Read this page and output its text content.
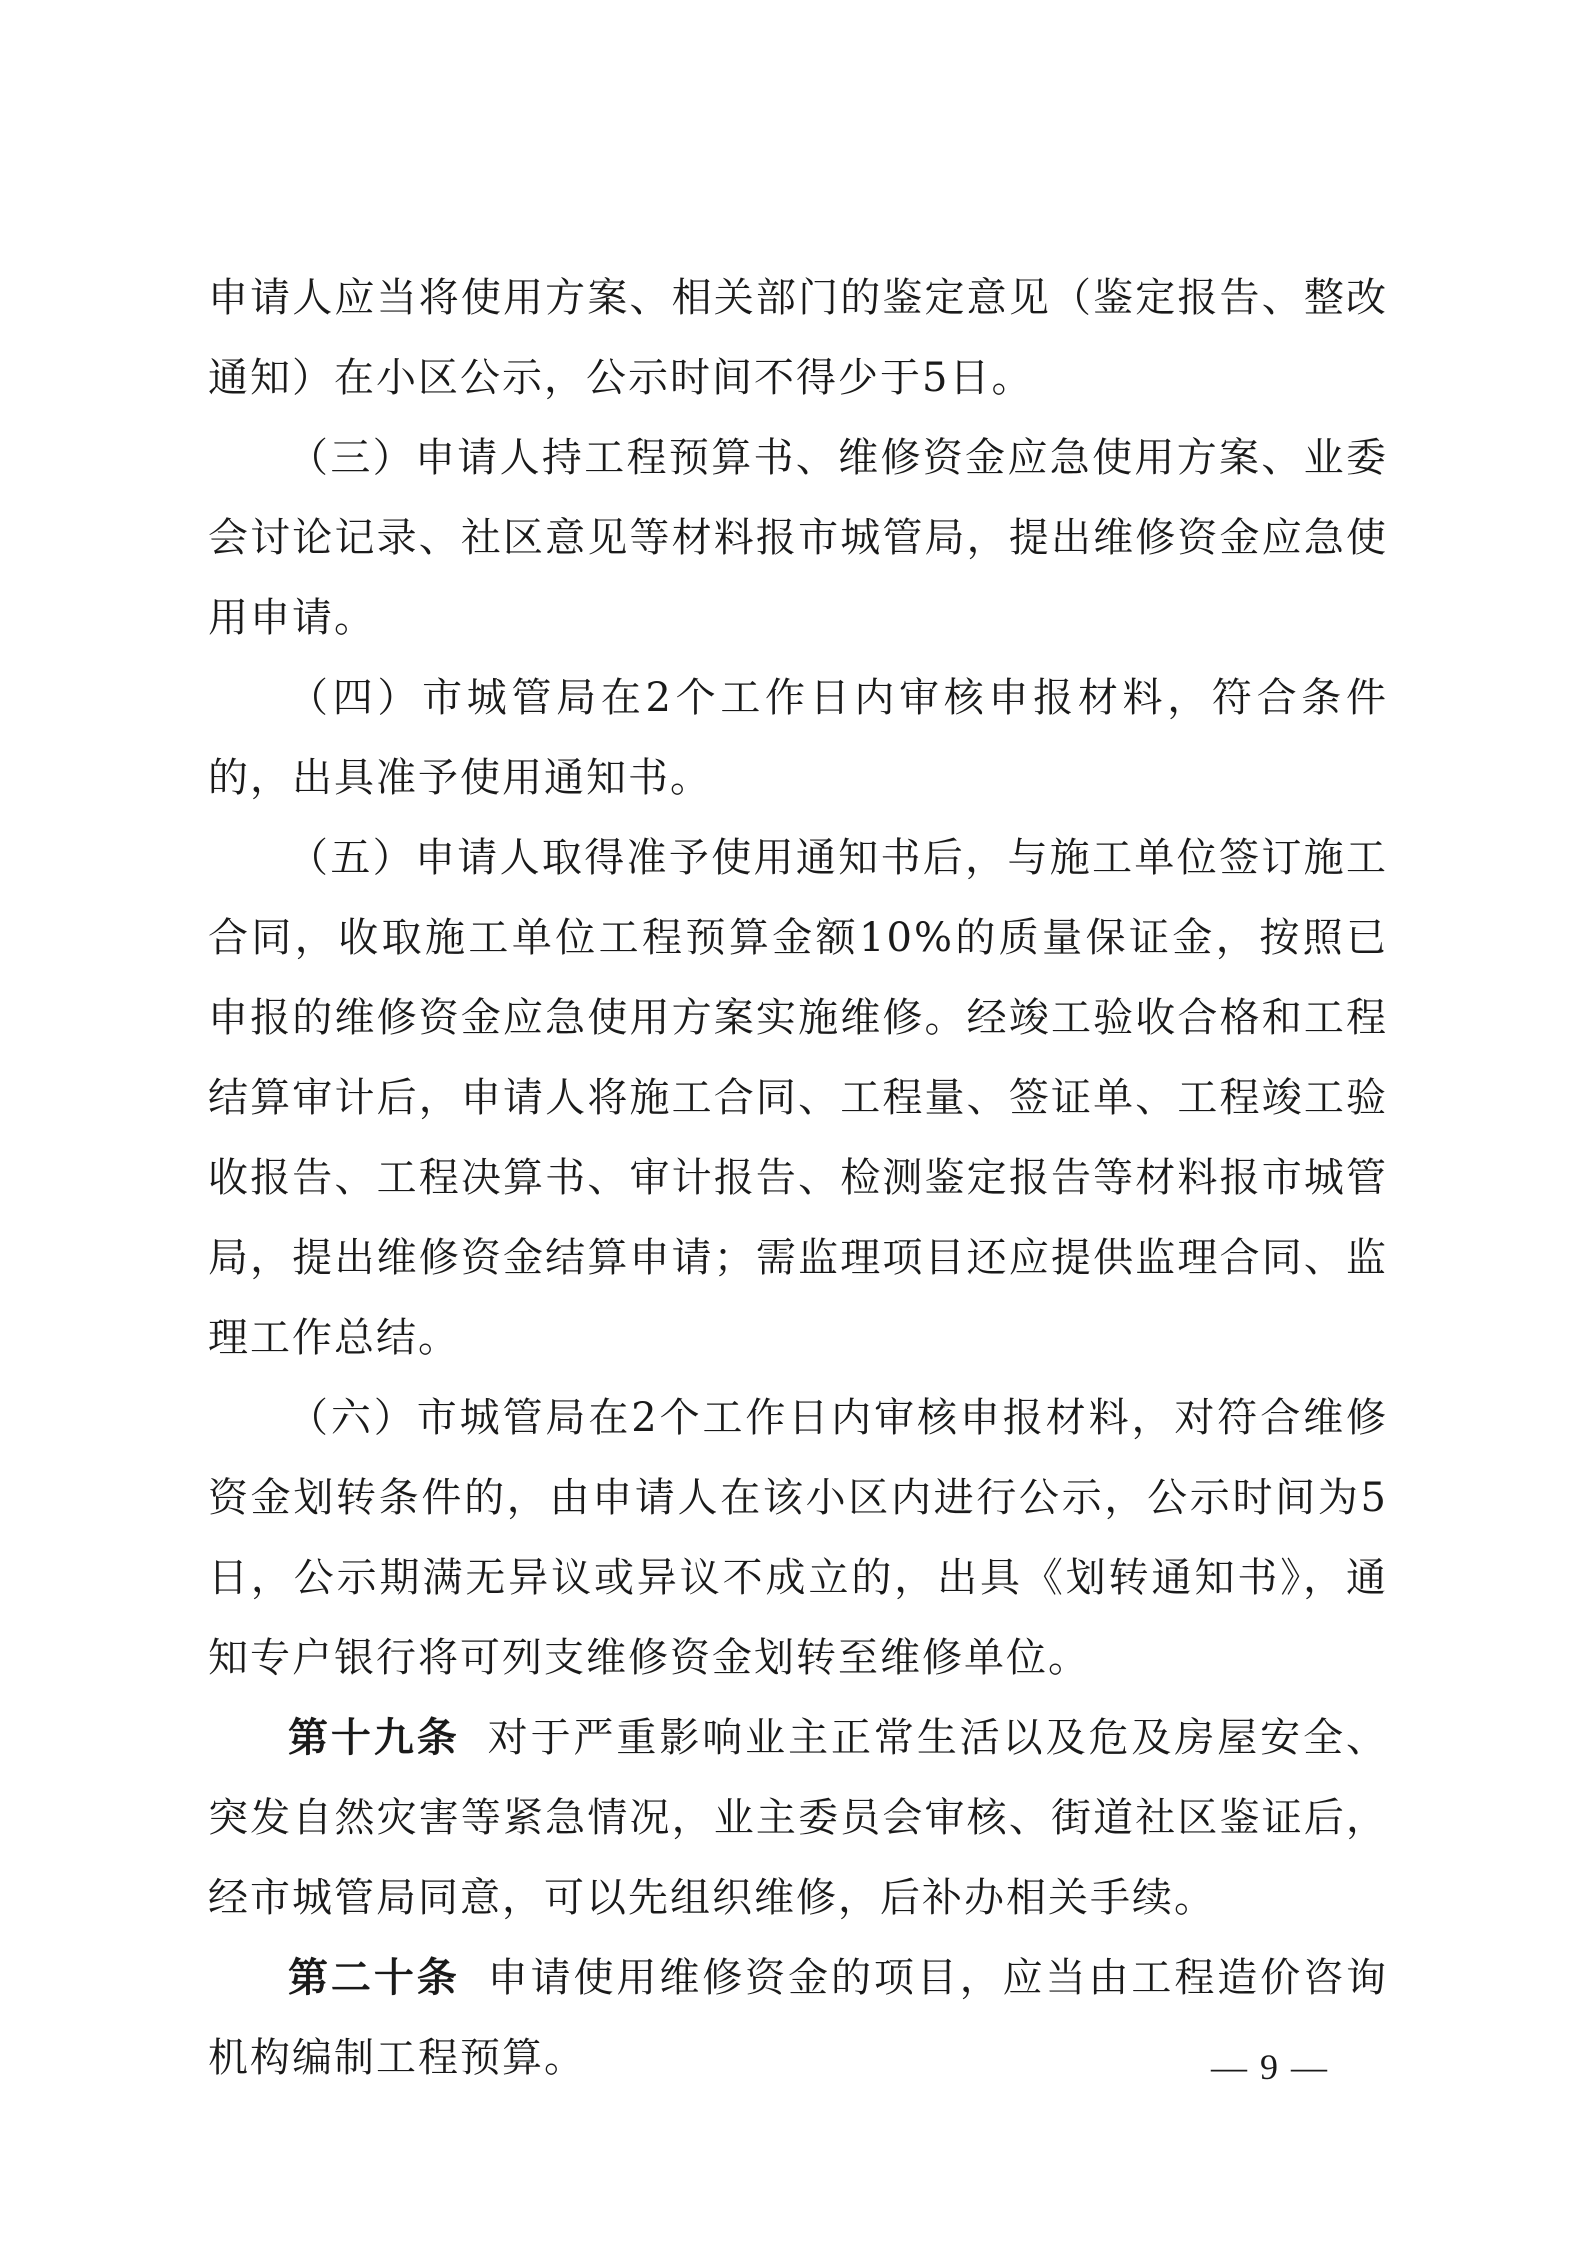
申请人应当将使用方案、相关部门的鉴定意见（鉴定报告、整改通知）在小区公示，公示时间不得少于5日。

（三）申请人持工程预算书、维修资金应急使用方案、业委会讨论记录、社区意见等材料报市城管局，提出维修资金应急使用申请。

（四）市城管局在2个工作日内审核申报材料，符合条件的，出具准予使用通知书。

（五）申请人取得准予使用通知书后，与施工单位签订施工合同，收取施工单位工程预算金额10%的质量保证金，按照已申报的维修资金应急使用方案实施维修。经竣工验收合格和工程结算审计后，申请人将施工合同、工程量、签证单、工程竣工验收报告、工程决算书、审计报告、检测鉴定报告等材料报市城管局，提出维修资金结算申请；需监理项目还应提供监理合同、监理工作总结。

（六）市城管局在2个工作日内审核申报材料，对符合维修资金划转条件的，由申请人在该小区内进行公示，公示时间为5日，公示期满无异议或异议不成立的，出具《划转通知书》，通知专户银行将可列支维修资金划转至维修单位。

第十九条 对于严重影响业主正常生活以及危及房屋安全、突发自然灾害等紧急情况，业主委员会审核、街道社区鉴证后，经市城管局同意，可以先组织维修，后补办相关手续。

第二十条 申请使用维修资金的项目，应当由工程造价咨询机构编制工程预算。	— 9 —
